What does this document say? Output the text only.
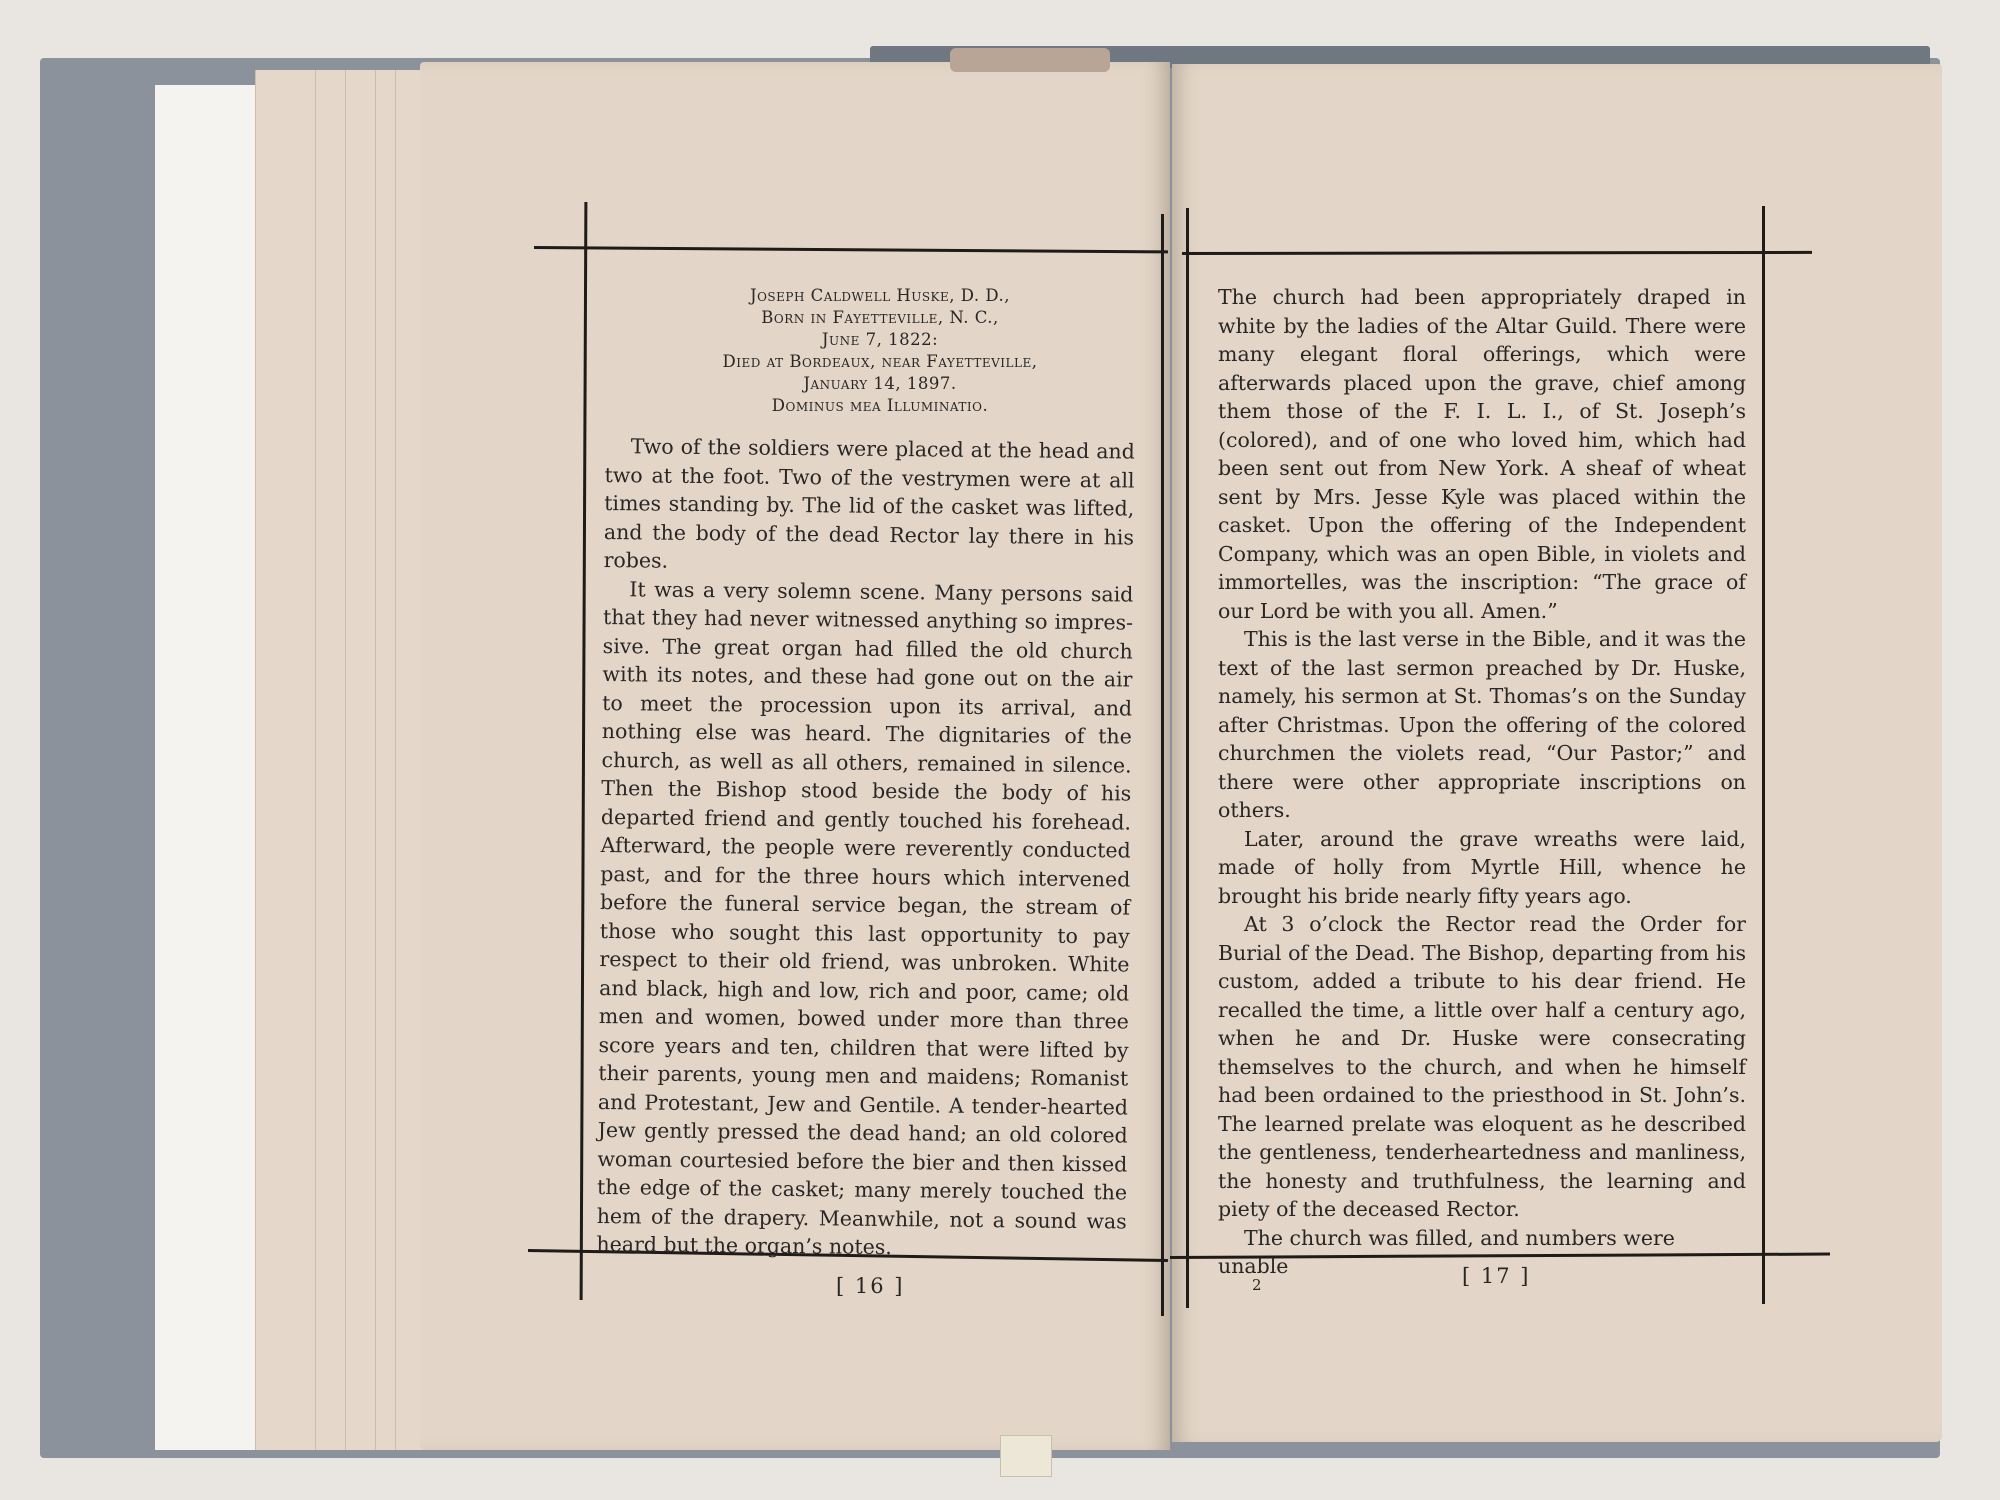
Joseph Caldwell Huske, D. D.,
Born in Fayetteville, N. C.,
June 7, 1822:
Died at Bordeaux, near Fayetteville,
January 14, 1897.
Dominus mea Illuminatio.

Two of the soldiers were placed at the head and two at the foot. Two of the vestrymen were at all times standing by. The lid of the casket was lifted, and the body of the dead Rector lay there in his robes.

It was a very solemn scene. Many persons said that they had never witnessed anything so impressive. The great organ had filled the old church with its notes, and these had gone out on the air to meet the procession upon its arrival, and nothing else was heard. The dignitaries of the church, as well as all others, remained in silence. Then the Bishop stood beside the body of his departed friend and gently touched his forehead. Afterward, the people were reverently conducted past, and for the three hours which intervened before the funeral service began, the stream of those who sought this last opportunity to pay respect to their old friend, was unbroken. White and black, high and low, rich and poor, came; old men and women, bowed under more than three score years and ten, children that were lifted by their parents, young men and maidens; Romanist and Protestant, Jew and Gentile. A tender-hearted Jew gently pressed the dead hand; an old colored woman courtesied before the bier and then kissed the edge of the casket; many merely touched the hem of the drapery. Meanwhile, not a sound was heard but the organ’s notes.

[ 16 ]

The church had been appropriately draped in white by the ladies of the Altar Guild. There were many elegant floral offerings, which were afterwards placed upon the grave, chief among them those of the F. I. L. I., of St. Joseph’s (colored), and of one who loved him, which had been sent out from New York. A sheaf of wheat sent by Mrs. Jesse Kyle was placed within the casket. Upon the offering of the Independent Company, which was an open Bible, in violets and immortelles, was the inscription: “The grace of our Lord be with you all. Amen.”

This is the last verse in the Bible, and it was the text of the last sermon preached by Dr. Huske, namely, his sermon at St. Thomas’s on the Sunday after Christmas. Upon the offering of the colored churchmen the violets read, “Our Pastor;” and there were other appropriate inscriptions on others.

Later, around the grave wreaths were laid, made of holly from Myrtle Hill, whence he brought his bride nearly fifty years ago.

At 3 o’clock the Rector read the Order for Burial of the Dead. The Bishop, departing from his custom, added a tribute to his dear friend. He recalled the time, a little over half a century ago, when he and Dr. Huske were consecrating themselves to the church, and when he himself had been ordained to the priesthood in St. John’s. The learned prelate was eloquent as he described the gentleness, tenderheartedness and manliness, the honesty and truthfulness, the learning and piety of the deceased Rector.

The church was filled, and numbers were unable

2	[ 17 ]
